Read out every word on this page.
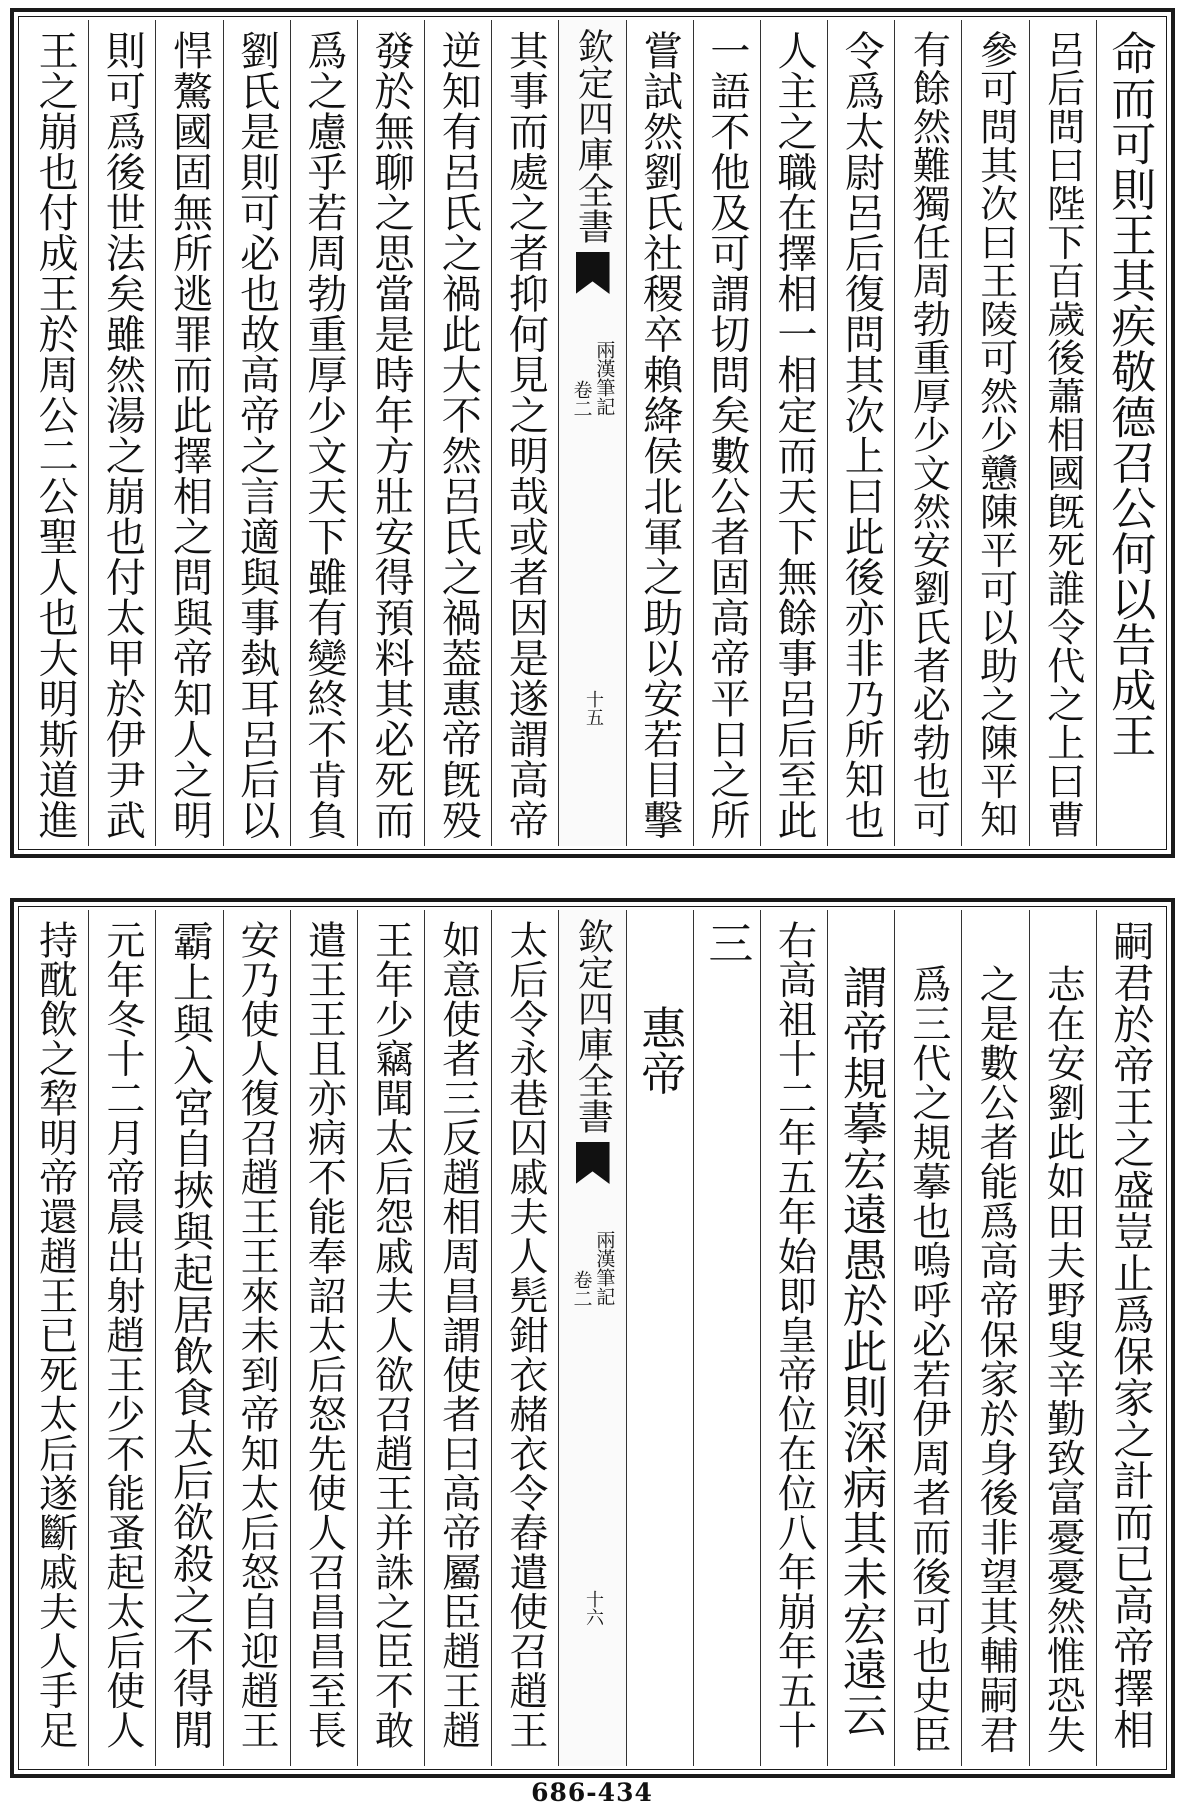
命而可則王其疾敬德召公何以告成王
呂后問曰陛下百歲後蕭相國旣死誰令代之上曰曹
參可問其次曰王陵可然少戇陳平可以助之陳平知
有餘然難獨任周勃重厚少文然安劉氏者必勃也可
令爲太尉呂后復問其次上曰此後亦非乃所知也
人主之職在擇相一相定而天下無餘事呂后至此
一語不他及可謂切問矣數公者固高帝平日之所
嘗試然劉氏社稷卒賴絳侯北軍之助以安若目擊
欽定四庫全書
兩漢筆記
卷二
十五
其事而處之者抑何見之明哉或者因是遂謂高帝
逆知有呂氏之禍此大不然呂氏之禍葢惠帝旣殁
發於無聊之思當是時年方壯安得預料其必死而
爲之慮乎若周勃重厚少文天下雖有變終不肯負
劉氏是則可必也故高帝之言適與事埶耳呂后以
悍驁國固無所逃罪而此擇相之問與帝知人之明
則可爲後世法矣雖然湯之崩也付太甲於伊尹武
王之崩也付成王於周公二公聖人也大明斯道進
嗣君於帝王之盛豈止爲保家之計而已高帝擇相
志在安劉此如田夫野叟辛勤致富憂憂然惟恐失
之是數公者能爲高帝保家於身後非望其輔嗣君
爲三代之規摹也嗚呼必若伊周者而後可也史臣
謂帝規摹宏遠愚於此則深病其未宏遠云
右高祖十二年五年始即皇帝位在位八年崩年五十
三
惠帝
欽定四庫全書
兩漢筆記
卷二
十六
太后令永巷囚戚夫人髡鉗衣赭衣令舂遣使召趙王
如意使者三反趙相周昌謂使者曰高帝屬臣趙王趙
王年少竊聞太后怨戚夫人欲召趙王并誅之臣不敢
遣王王且亦病不能奉詔太后怒先使人召昌昌至長
安乃使人復召趙王王來未到帝知太后怒自迎趙王
霸上與入宮自挾與起居飲食太后欲殺之不得閒
元年冬十二月帝晨出射趙王少不能蚤起太后使人
持酖飲之犂明帝還趙王已死太后遂斷戚夫人手足
686-434
